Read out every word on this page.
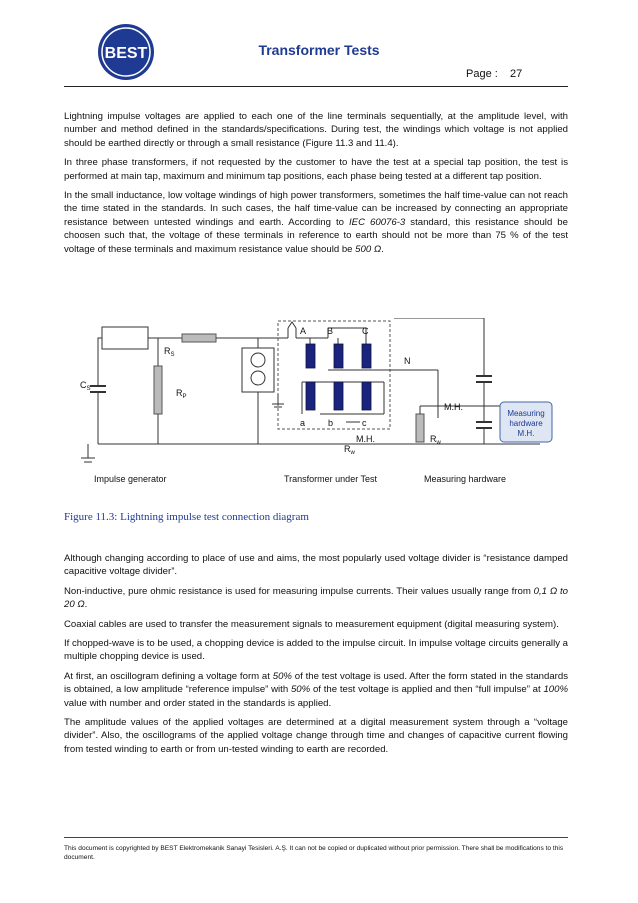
BEST	Transformer Tests
Page : 27

Lightning impulse voltages are applied to each one of the line terminals sequentially, at the amplitude level, with number and method defined in the standards/specifications. During test, the windings which voltage is not applied should be earthed directly or through a small resistance (Figure 11.3 and 11.4).

In three phase transformers, if not requested by the customer to have the test at a special tap position, the test is performed at main tap, maximum and minimum tap positions, each phase being tested at a different tap position.

In the small inductance, low voltage windings of high power transformers, sometimes the half time-value can not reach the time stated in the standards. In such cases, the half time-value can be increased by connecting an appropriate resistance between untested windings and earth. According to IEC 60076-3 standard, this resistance should be choosen such that, the voltage of these terminals in reference to earth should not be more than 75 % of the test voltage of these terminals and maximum resistance value should be 500 Ω.

$C_S$
$R_S$
$R_P$
A B	C
N
a	b	c
$R_w$
M.H.	$R_w$
M.H.
Measuring
hardware
M.H.
Impulse generator	Transformer under Test	Measuring hardware
Figure 11.3: Lightning impulse test connection diagram

Although changing according to place of use and aims, the most popularly used voltage divider is “resistance damped capacitive voltage divider”.

Non-inductive, pure ohmic resistance is used for measuring impulse currents. Their values usually range from 0,1 Ω to 20 Ω.

Coaxial cables are used to transfer the measurement signals to measurement equipment (digital measuring system).

If chopped-wave is to be used, a chopping device is added to the impulse circuit. In impulse voltage circuits generally a multiple chopping device is used.

At first, an oscillogram defining a voltage form at 50% of the test voltage is used. After the form stated in the standards is obtained, a low amplitude “reference impulse” with 50% of the test voltage is applied and then “full impulse” at 100% value with number and order stated in the standards is applied.

The amplitude values of the applied voltages are determined at a digital measurement system through a “voltage divider”. Also, the oscillograms of the applied voltage change through time and changes of capacitive current flowing from tested winding to earth or from un-tested winding to earth are recorded.

This document is copyrighted by BEST Elektromekanik Sanayi Tesisleri. A.Ş. It can not be copied or duplicated without prior permission. There shall be modifications to this document.
